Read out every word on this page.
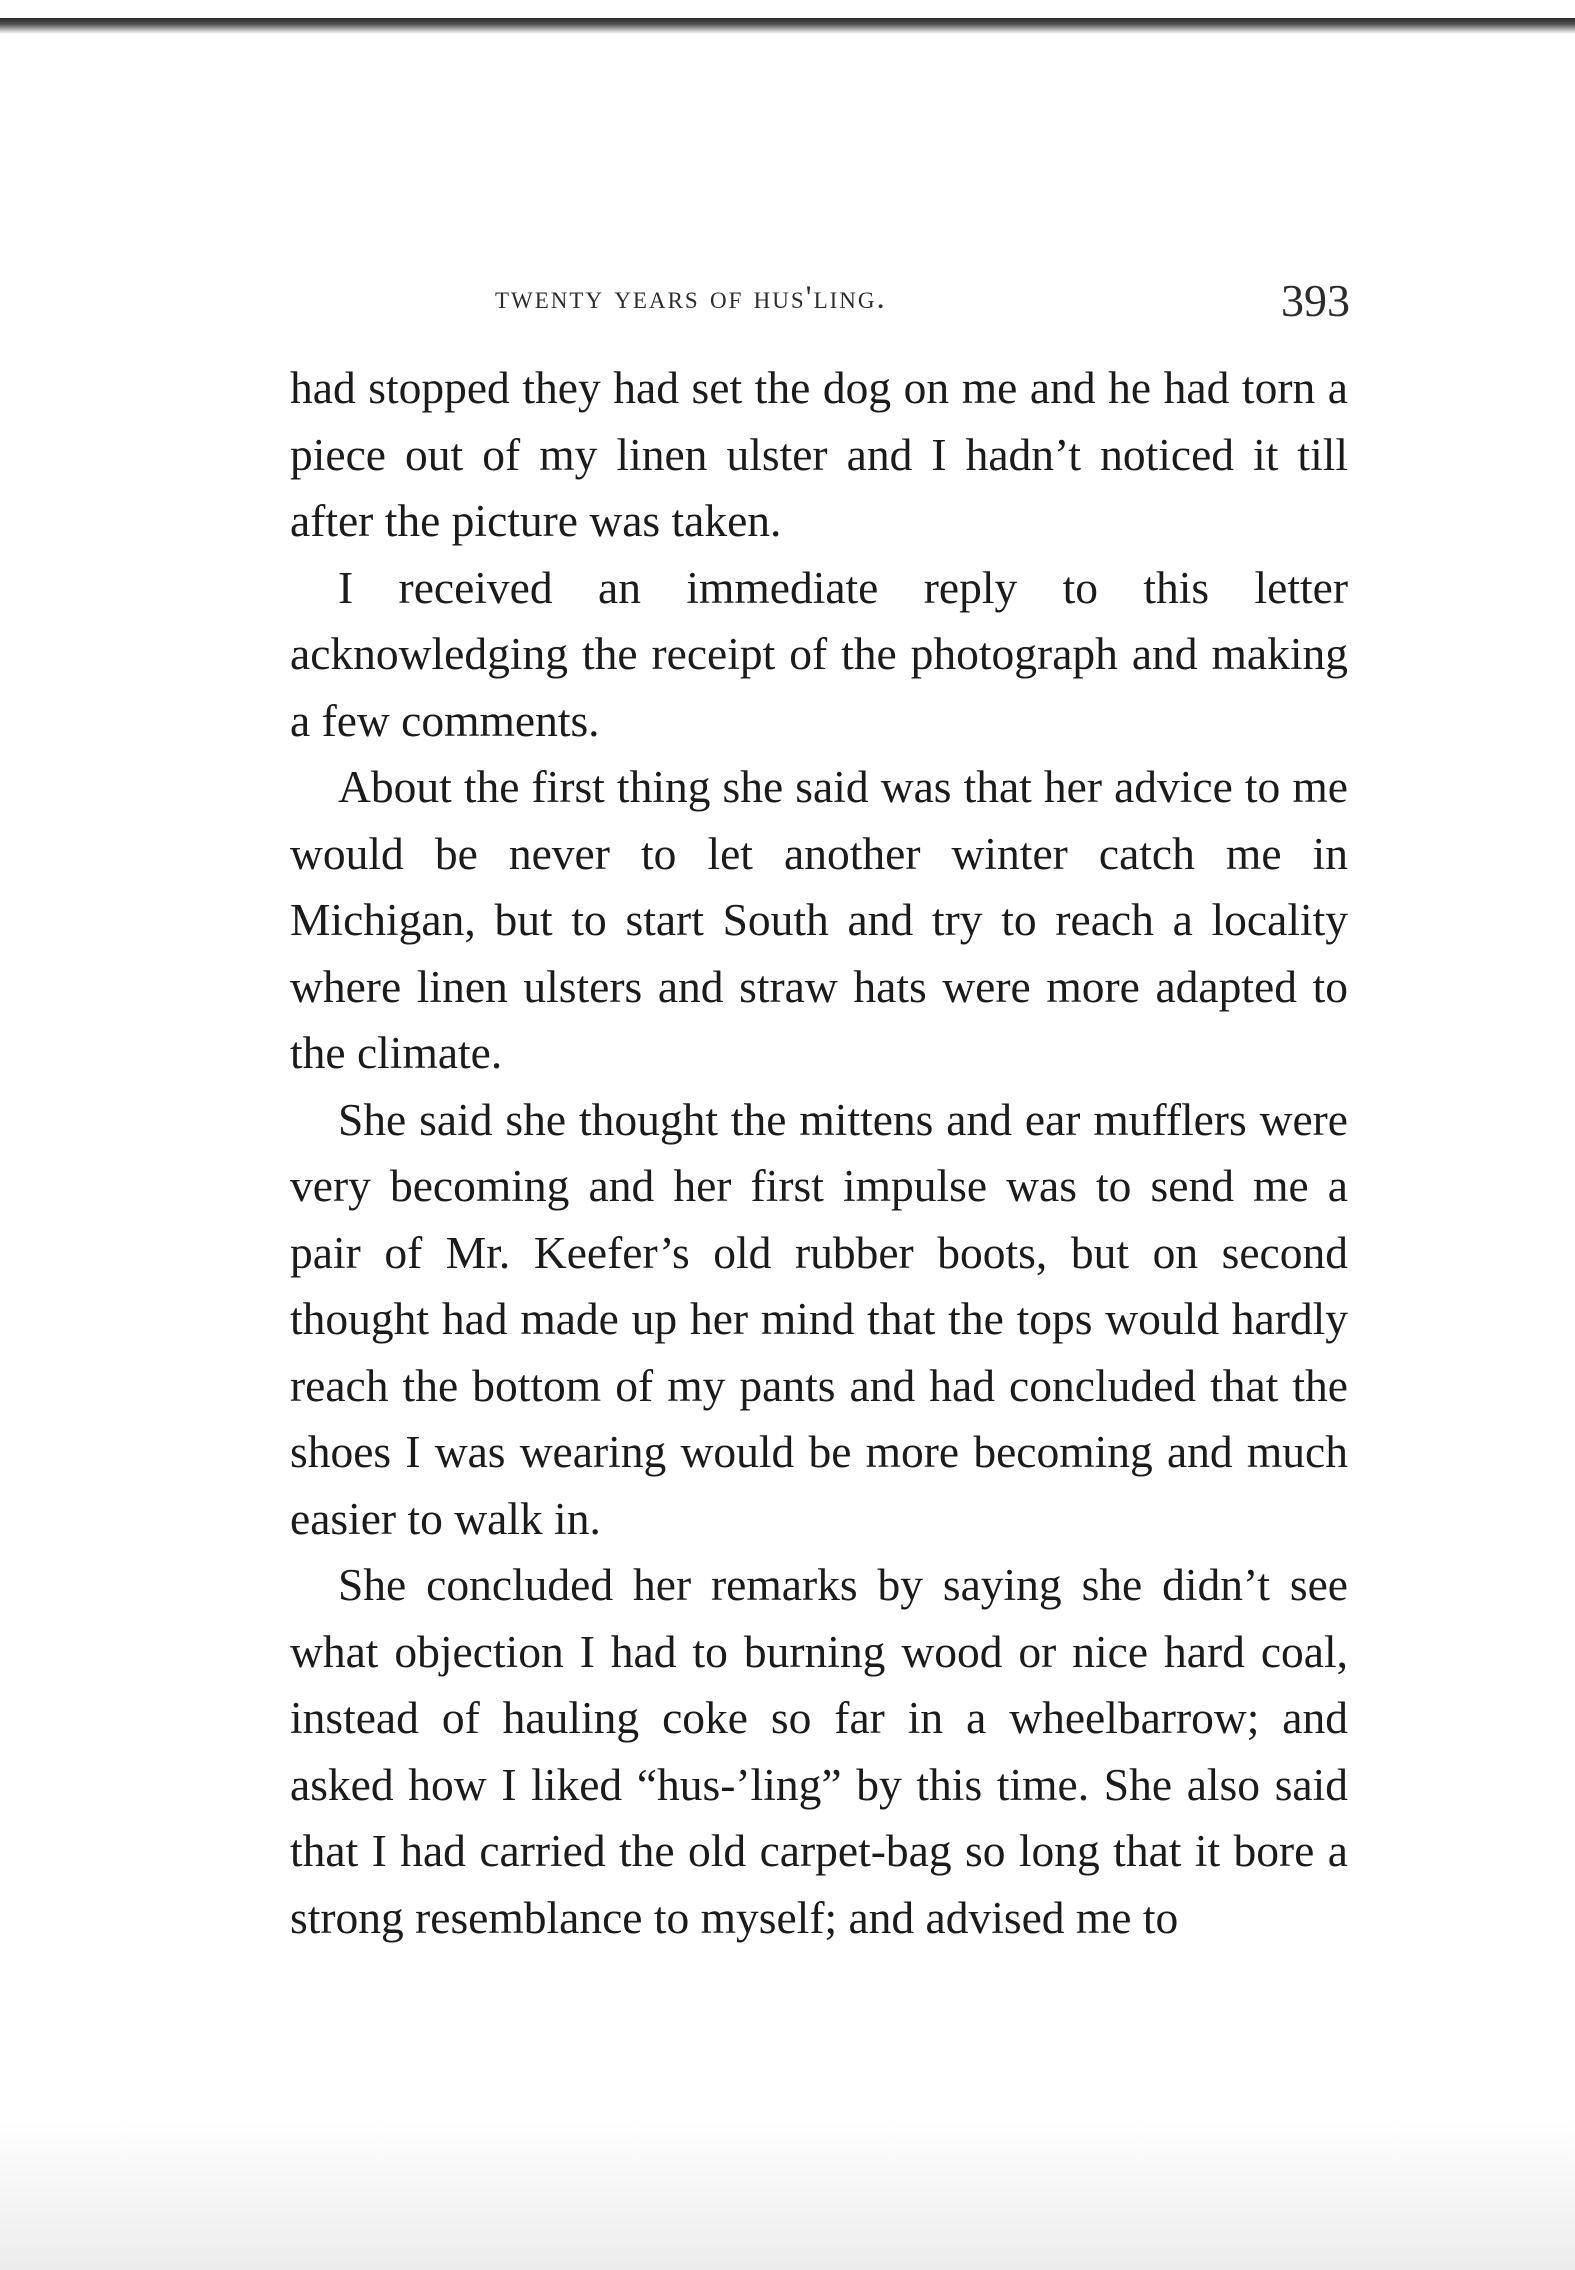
twenty years of hus'ling.	393

had stopped they had set the dog on me and he had torn a piece out of my linen ulster and I hadn’t noticed it till after the picture was taken.

I received an immediate reply to this letter acknowledging the receipt of the photograph and making a few comments.

About the first thing she said was that her advice to me would be never to let another winter catch me in Michigan, but to start South and try to reach a locality where linen ulsters and straw hats were more adapted to the climate.

She said she thought the mittens and ear mufflers were very becoming and her first impulse was to send me a pair of Mr. Keefer’s old rubber boots, but on second thought had made up her mind that the tops would hardly reach the bottom of my pants and had concluded that the shoes I was wearing would be more becoming and much easier to walk in.

She concluded her remarks by saying she didn’t see what objection I had to burning wood or nice hard coal, instead of hauling coke so far in a wheelbarrow; and asked how I liked “hus-’ling” by this time. She also said that I had carried the old carpet-bag so long that it bore a strong resemblance to myself; and advised me to
